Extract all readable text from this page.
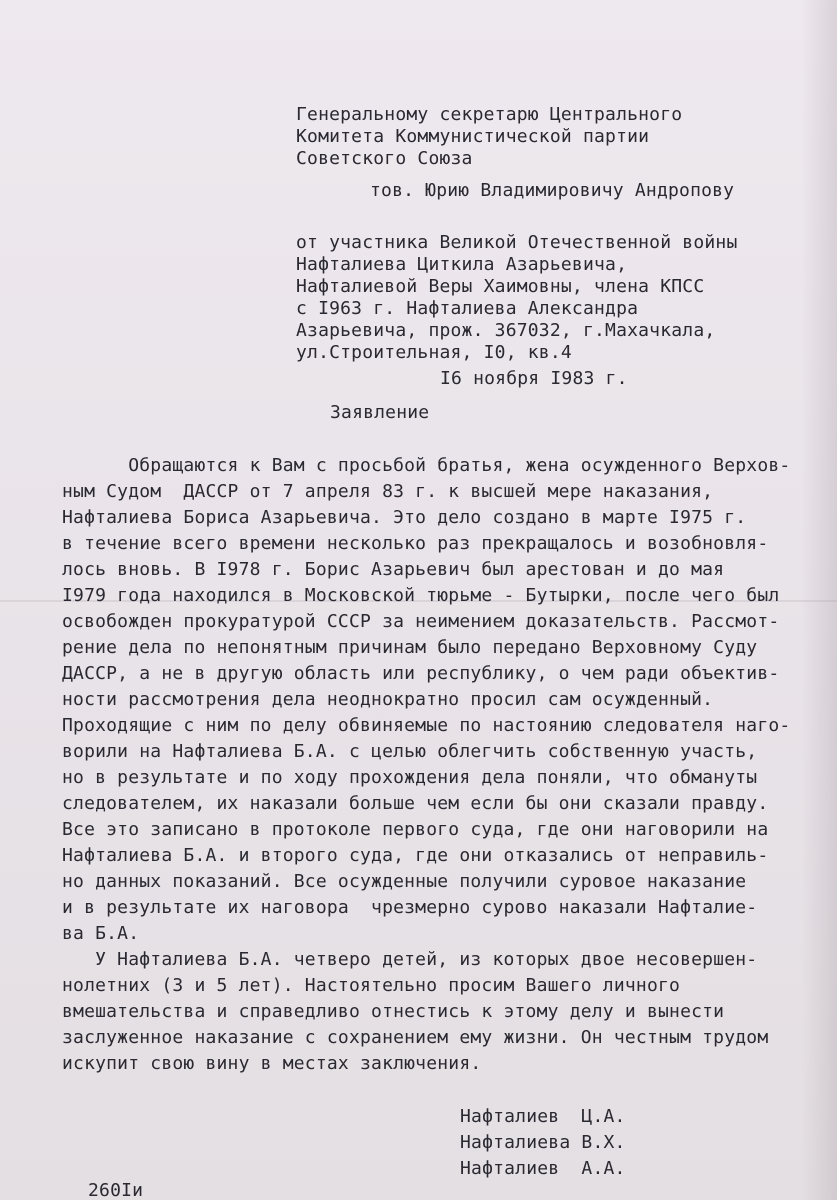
Генеральному секретарю Центрального
Комитета Коммунистической партии
Советского Союза
тов. Юрию Владимировичу Андропову
от участника Великой Отечественной войны
Нафталиева Циткила Азарьевича,
Нафталиевой Веры Хаимовны, члена КПСС
с I963 г. Нафталиева Александра
Азарьевича, прож. 367032, г.Махачкала,
ул.Строительная, I0, кв.4
I6 ноября I983 г.
Заявление
Обращаются к Вам с просьбой братья, жена осужденного Верхов-
ным Судом  ДАССР от 7 апреля 83 г. к высшей мере наказания,
Нафталиева Бориса Азарьевича. Это дело создано в марте I975 г.
в течение всего времени несколько раз прекращалось и возобновля-
лось вновь. В I978 г. Борис Азарьевич был арестован и до мая
I979 года находился в Московской тюрьме - Бутырки, после чего был
освобожден прокуратурой СССР за неимением доказательств. Рассмот-
рение дела по непонятным причинам было передано Верховному Суду
ДАССР, а не в другую область или республику, о чем ради объектив-
ности рассмотрения дела неоднократно просил сам осужденный.
Проходящие с ним по делу обвиняемые по настоянию следователя наго-
ворили на Нафталиева Б.А. с целью облегчить собственную участь,
но в результате и по ходу прохождения дела поняли, что обмануты
следователем, их наказали больше чем если бы они сказали правду.
Все это записано в протоколе первого суда, где они наговорили на
Нафталиева Б.А. и второго суда, где они отказались от неправиль-
но данных показаний. Все осужденные получили суровое наказание
и в результате их наговора  чрезмерно сурово наказали Нафталие-
ва Б.А.
У Нафталиева Б.А. четверо детей, из которых двое несовершен-
нолетних (3 и 5 лет). Настоятельно просим Вашего личного
вмешательства и справедливо отнестись к этому делу и вынести
заслуженное наказание с сохранением ему жизни. Он честным трудом
искупит свою вину в местах заключения.
Нафталиев  Ц.А.
Нафталиева В.Х.
Нафталиев  А.А.
260Iи
